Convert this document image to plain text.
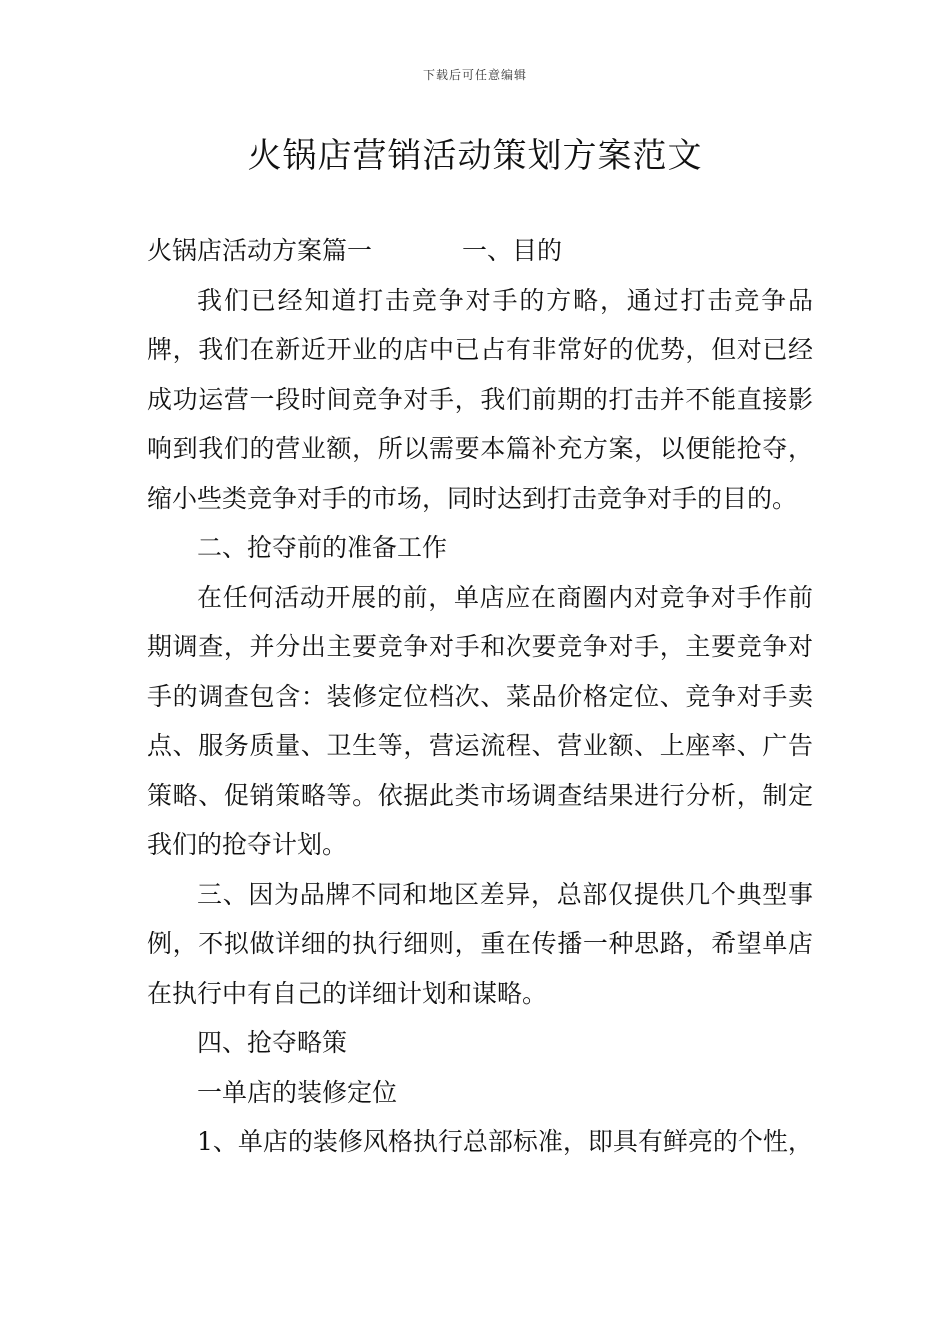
下载后可任意编辑
火锅店营销活动策划方案范文

火锅店活动方案篇一	一、目的

我们已经知道打击竞争对手的方略，通过打击竞争品牌，我们在新近开业的店中已占有非常好的优势，但对已经成功运营一段时间竞争对手，我们前期的打击并不能直接影响到我们的营业额，所以需要本篇补充方案，以便能抢夺，缩小些类竞争对手的市场，同时达到打击竞争对手的目的。

二、抢夺前的准备工作

在任何活动开展的前，单店应在商圈内对竞争对手作前期调查，并分出主要竞争对手和次要竞争对手，主要竞争对手的调查包含：装修定位档次、菜品价格定位、竞争对手卖点、服务质量、卫生等，营运流程、营业额、上座率、广告策略、促销策略等。依据此类市场调查结果进行分析，制定我们的抢夺计划。

三、因为品牌不同和地区差异，总部仅提供几个典型事例，不拟做详细的执行细则，重在传播一种思路，希望单店在执行中有自己的详细计划和谋略。

四、抢夺略策

一单店的装修定位

1、单店的装修风格执行总部标准，即具有鲜亮的个性，
